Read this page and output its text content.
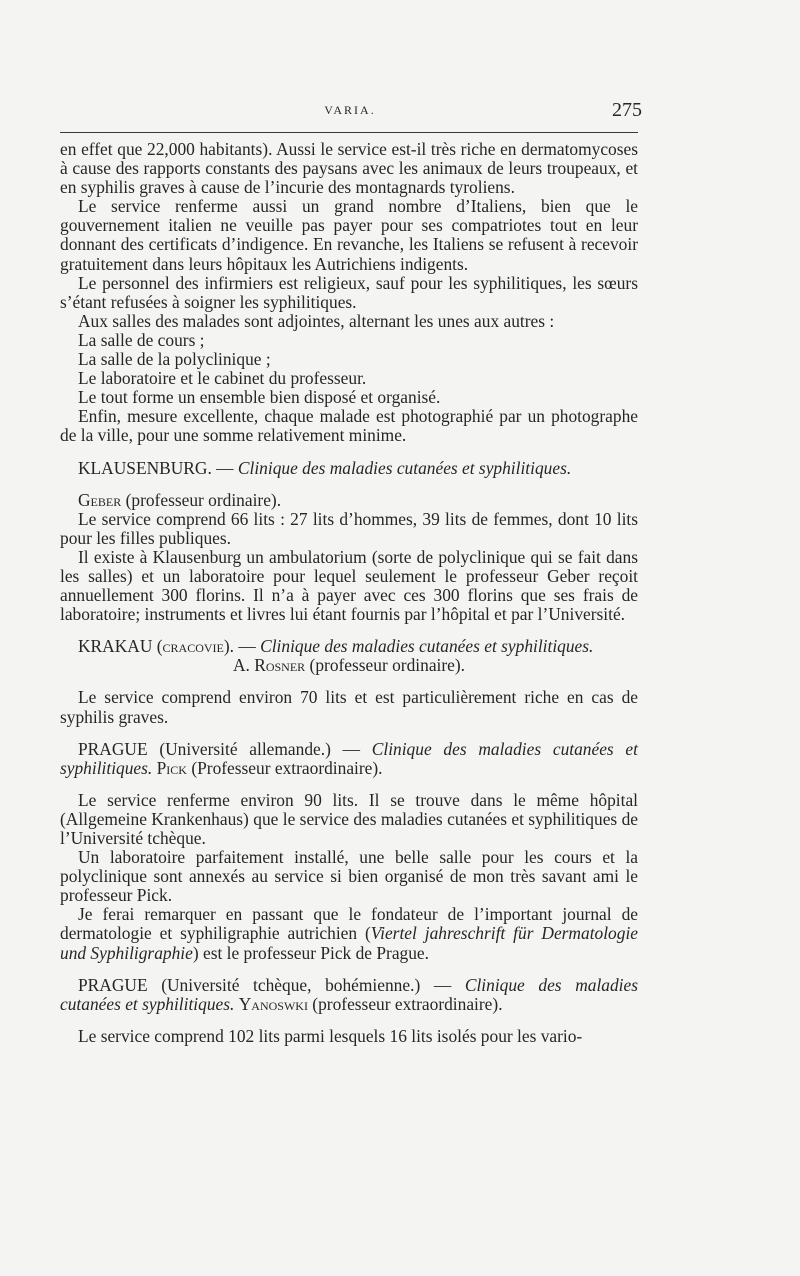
VARIA.	275

en effet que 22,000 habitants). Aussi le service est-il très riche en dermatomycoses à cause des rapports constants des paysans avec les animaux de leurs troupeaux, et en syphilis graves à cause de l’incurie des montagnards tyroliens.

Le service renferme aussi un grand nombre d’Italiens, bien que le gouvernement italien ne veuille pas payer pour ses compatriotes tout en leur donnant des certificats d’indigence. En revanche, les Italiens se refusent à recevoir gratuitement dans leurs hôpitaux les Autrichiens indigents.

Le personnel des infirmiers est religieux, sauf pour les syphilitiques, les sœurs s’étant refusées à soigner les syphilitiques.

Aux salles des malades sont adjointes, alternant les unes aux autres :

La salle de cours ;

La salle de la polyclinique ;

Le laboratoire et le cabinet du professeur.

Le tout forme un ensemble bien disposé et organisé.

Enfin, mesure excellente, chaque malade est photographié par un photographe de la ville, pour une somme relativement minime.

KLAUSENBURG. — Clinique des maladies cutanées et syphilitiques.

Geber (professeur ordinaire).

Le service comprend 66 lits : 27 lits d’hommes, 39 lits de femmes, dont 10 lits pour les filles publiques.

Il existe à Klausenburg un ambulatorium (sorte de polyclinique qui se fait dans les salles) et un laboratoire pour lequel seulement le professeur Geber reçoit annuellement 300 florins. Il n’a à payer avec ces 300 florins que ses frais de laboratoire; instruments et livres lui étant fournis par l’hôpital et par l’Université.

KRAKAU (cracovie). — Clinique des maladies cutanées et syphilitiques.

A. Rosner (professeur ordinaire).

Le service comprend environ 70 lits et est particulièrement riche en cas de syphilis graves.

PRAGUE (Université allemande.) — Clinique des maladies cutanées et syphilitiques. Pick (Professeur extraordinaire).

Le service renferme environ 90 lits. Il se trouve dans le même hôpital (Allgemeine Krankenhaus) que le service des maladies cutanées et syphilitiques de l’Université tchèque.

Un laboratoire parfaitement installé, une belle salle pour les cours et la polyclinique sont annexés au service si bien organisé de mon très savant ami le professeur Pick.

Je ferai remarquer en passant que le fondateur de l’important journal de dermatologie et syphiligraphie autrichien (Viertel jahreschrift für Dermatologie und Syphiligraphie) est le professeur Pick de Prague.

PRAGUE (Université tchèque, bohémienne.) — Clinique des maladies cutanées et syphilitiques. Yanoswki (professeur extraordinaire).

Le service comprend 102 lits parmi lesquels 16 lits isolés pour les vario-
